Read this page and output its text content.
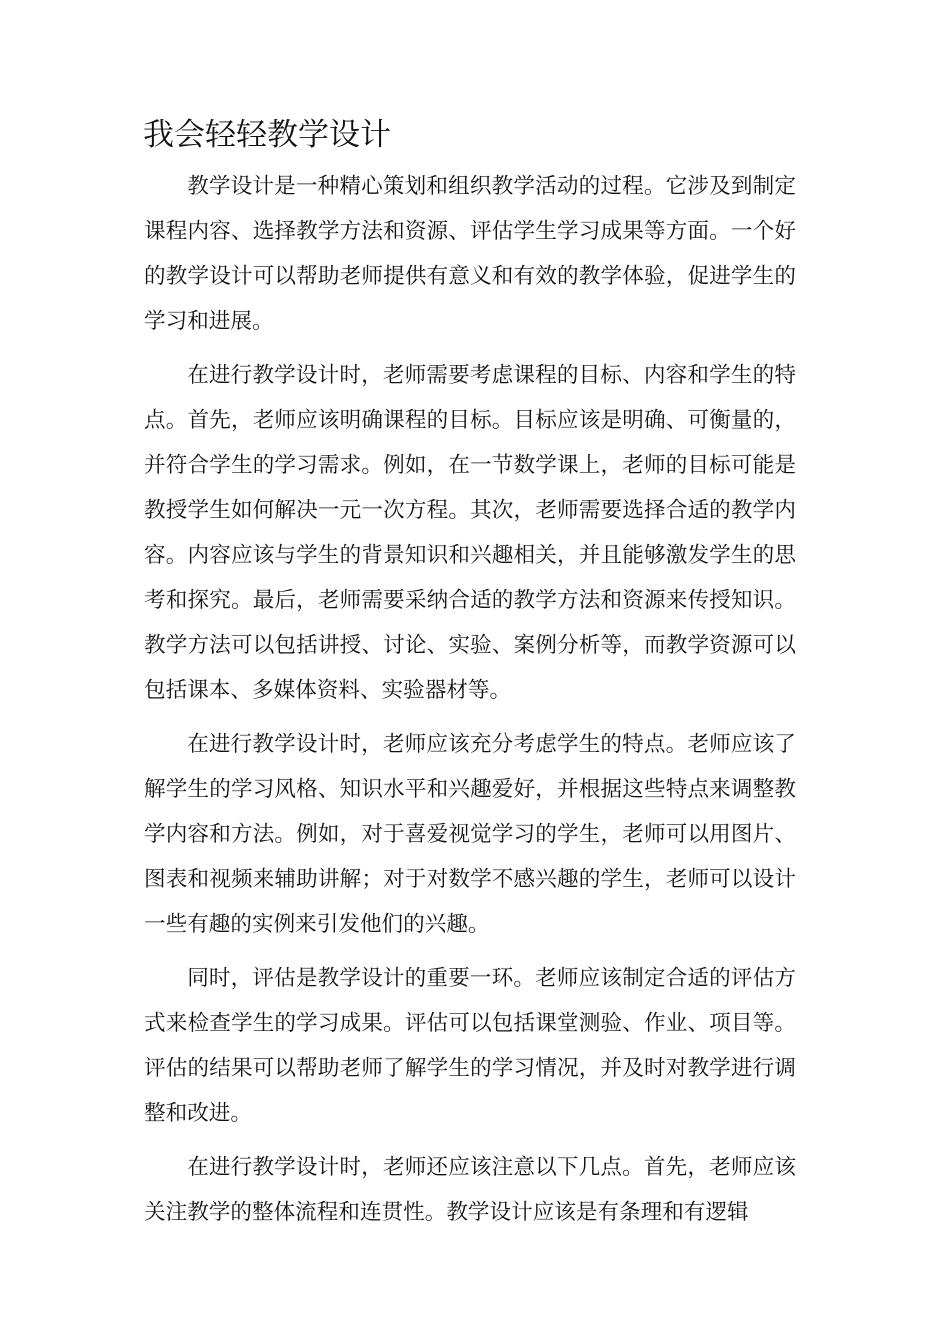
我会轻轻教学设计

教学设计是一种精心策划和组织教学活动的过程。它涉及到制定课程内容、选择教学方法和资源、评估学生学习成果等方面。一个好的教学设计可以帮助老师提供有意义和有效的教学体验，促进学生的学习和进展。

在进行教学设计时，老师需要考虑课程的目标、内容和学生的特点。首先，老师应该明确课程的目标。目标应该是明确、可衡量的，并符合学生的学习需求。例如，在一节数学课上，老师的目标可能是教授学生如何解决一元一次方程。其次，老师需要选择合适的教学内容。内容应该与学生的背景知识和兴趣相关，并且能够激发学生的思考和探究。最后，老师需要采纳合适的教学方法和资源来传授知识。教学方法可以包括讲授、讨论、实验、案例分析等，而教学资源可以包括课本、多媒体资料、实验器材等。

在进行教学设计时，老师应该充分考虑学生的特点。老师应该了解学生的学习风格、知识水平和兴趣爱好，并根据这些特点来调整教学内容和方法。例如，对于喜爱视觉学习的学生，老师可以用图片、图表和视频来辅助讲解；对于对数学不感兴趣的学生，老师可以设计一些有趣的实例来引发他们的兴趣。

同时，评估是教学设计的重要一环。老师应该制定合适的评估方式来检查学生的学习成果。评估可以包括课堂测验、作业、项目等。评估的结果可以帮助老师了解学生的学习情况，并及时对教学进行调整和改进。

在进行教学设计时，老师还应该注意以下几点。首先，老师应该关注教学的整体流程和连贯性。教学设计应该是有条理和有逻辑
